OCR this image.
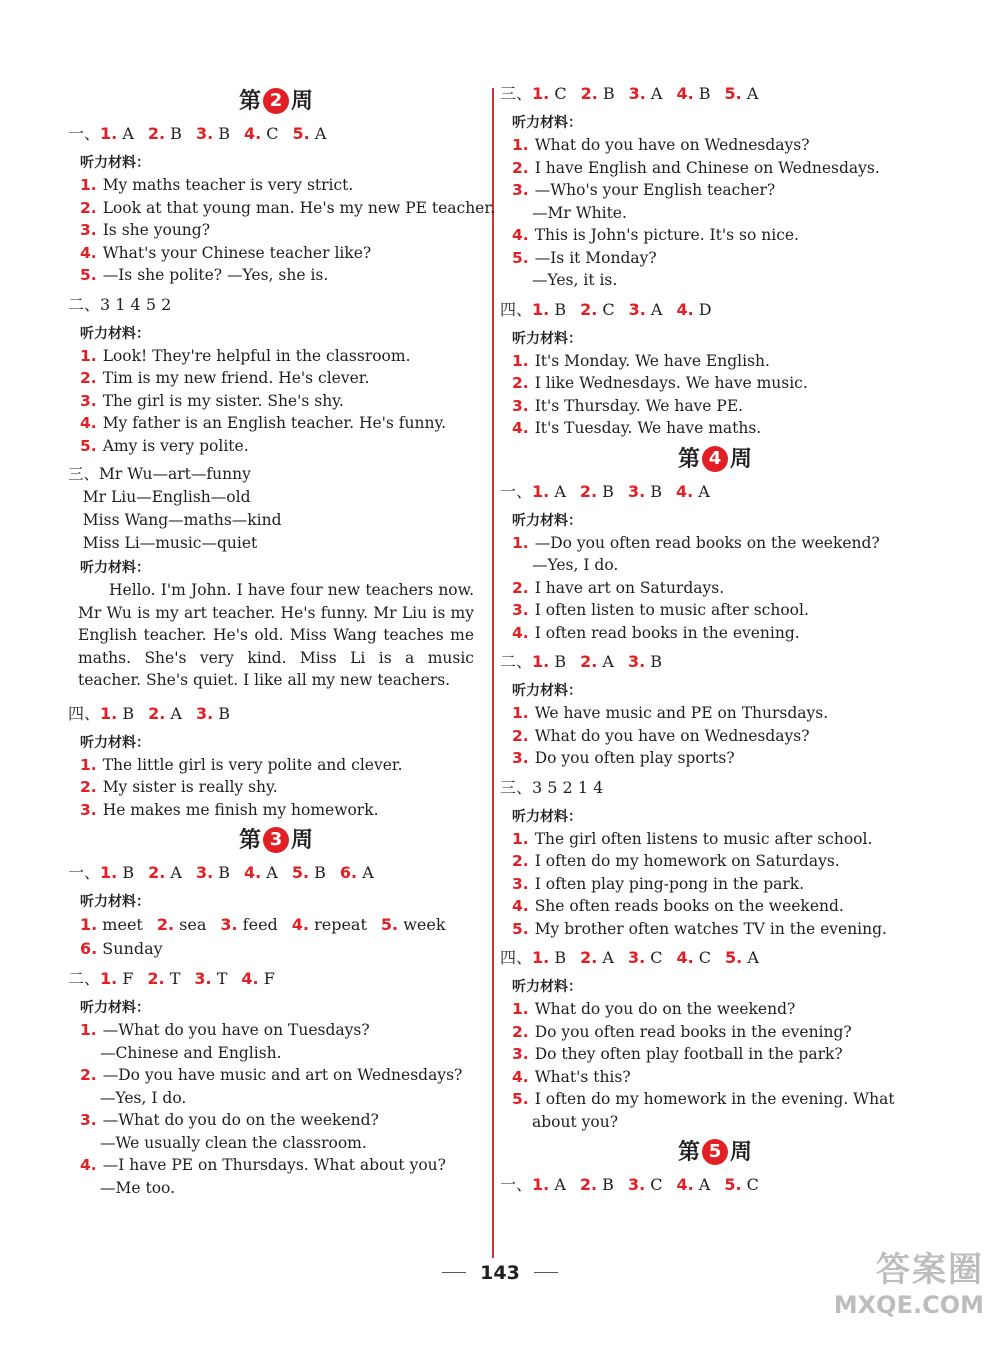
第 2 周
一、1. A 2. B 3. B 4. C 5. A
听力材料：
1. My maths teacher is very strict.
2. Look at that young man. He's my new PE teacher.
3. Is she young?
4. What's your Chinese teacher like?
5. —Is she polite? —Yes, she is.
二、3 1 4 5 2
听力材料：
1. Look! They're helpful in the classroom.
2. Tim is my new friend. He's clever.
3. The girl is my sister. She's shy.
4. My father is an English teacher. He's funny.
5. Amy is very polite.
三、Mr Wu—art—funny
Mr Liu—English—old
Miss Wang—maths—kind
Miss Li—music—quiet
听力材料：
Hello. I'm John. I have four new teachers now. Mr Wu is my art teacher. He's funny. Mr Liu is my English teacher. He's old. Miss Wang teaches me maths. She's very kind. Miss Li is a music teacher. She's quiet. I like all my new teachers.
四、1. B 2. A 3. B
听力材料：
1. The little girl is very polite and clever.
2. My sister is really shy.
3. He makes me finish my homework.
第 3 周
一、1. B 2. A 3. B 4. A 5. B 6. A
听力材料：
1. meet 2. sea 3. feed 4. repeat 5. week
6. Sunday
二、1. F 2. T 3. T 4. F
听力材料：
1. —What do you have on Tuesdays?
—Chinese and English.
2. —Do you have music and art on Wednesdays?
—Yes, I do.
3. —What do you do on the weekend?
—We usually clean the classroom.
4. —I have PE on Thursdays. What about you?
—Me too.
三、1. C 2. B 3. A 4. B 5. A
听力材料：
1. What do you have on Wednesdays?
2. I have English and Chinese on Wednesdays.
3. —Who's your English teacher?
—Mr White.
4. This is John's picture. It's so nice.
5. —Is it Monday?
—Yes, it is.
四、1. B 2. C 3. A 4. D
听力材料：
1. It's Monday. We have English.
2. I like Wednesdays. We have music.
3. It's Thursday. We have PE.
4. It's Tuesday. We have maths.
第 4 周
一、1. A 2. B 3. B 4. A
听力材料：
1. —Do you often read books on the weekend?
—Yes, I do.
2. I have art on Saturdays.
3. I often listen to music after school.
4. I often read books in the evening.
二、1. B 2. A 3. B
听力材料：
1. We have music and PE on Thursdays.
2. What do you have on Wednesdays?
3. Do you often play sports?
三、3 5 2 1 4
听力材料：
1. The girl often listens to music after school.
2. I often do my homework on Saturdays.
3. I often play ping-pong in the park.
4. She often reads books on the weekend.
5. My brother often watches TV in the evening.
四、1. B 2. A 3. C 4. C 5. A
听力材料：
1. What do you do on the weekend?
2. Do you often read books in the evening?
3. Do they often play football in the park?
4. What's this?
5. I often do my homework in the evening. What
about you?
第 5 周
一、1. A 2. B 3. C 4. A 5. C
143	答案圈
MXQE.COM
